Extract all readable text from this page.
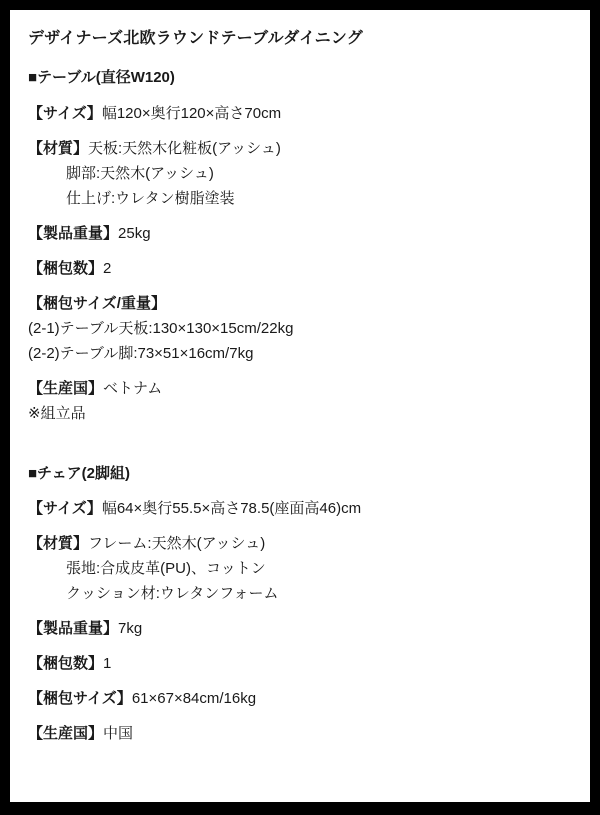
デザイナーズ北欧ラウンドテーブルダイニング
■テーブル(直径W120)
【サイズ】幅120×奥行120×高さ70cm
【材質】天板:天然木化粧板(アッシュ)
脚部:天然木(アッシュ)
仕上げ:ウレタン樹脂塗装
【製品重量】25kg
【梱包数】2
【梱包サイズ/重量】
(2-1)テーブル天板:130×130×15cm/22kg
(2-2)テーブル脚:73×51×16cm/7kg
【生産国】ベトナム
※組立品
■チェア(2脚組)
【サイズ】幅64×奥行55.5×高さ78.5(座面高46)cm
【材質】フレーム:天然木(アッシュ)
張地:合成皮革(PU)、コットン
クッション材:ウレタンフォーム
【製品重量】7kg
【梱包数】1
【梱包サイズ】61×67×84cm/16kg
【生産国】中国
